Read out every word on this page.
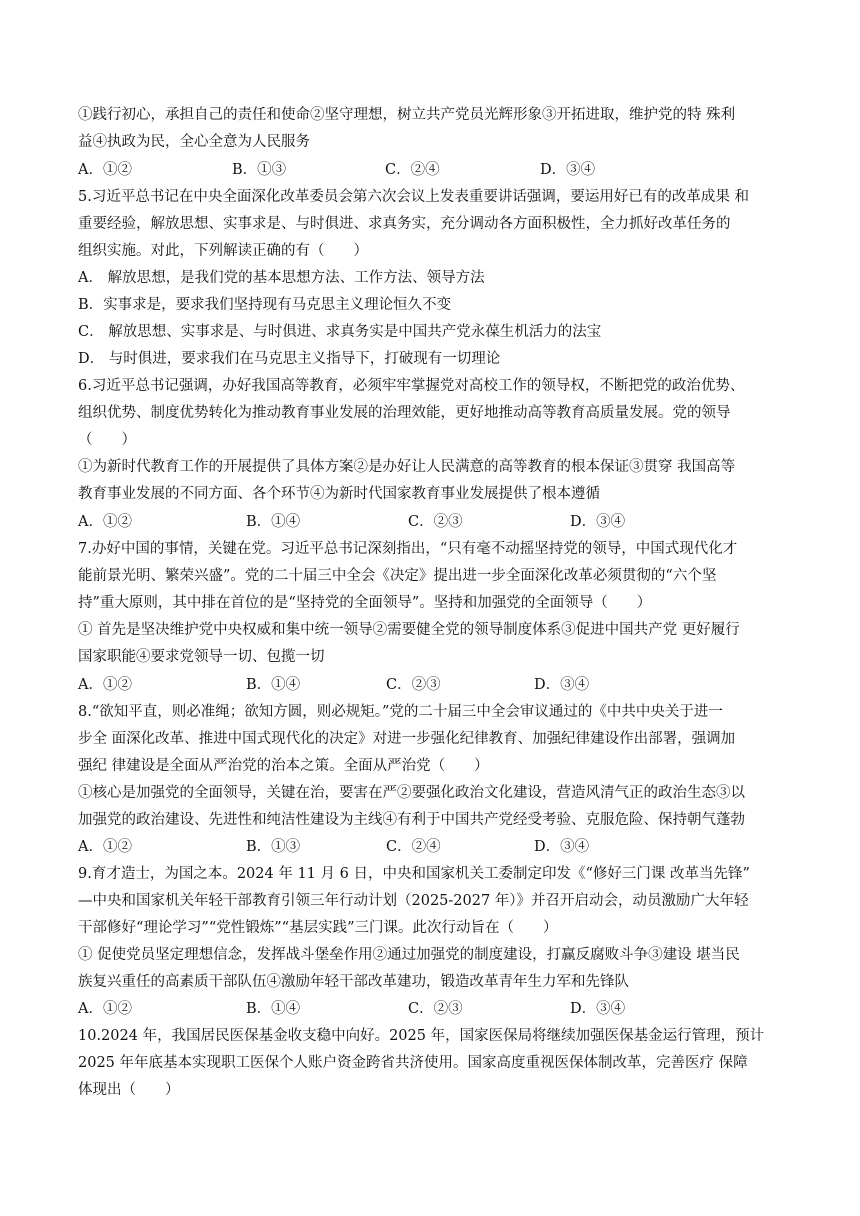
①践行初心，承担自己的责任和使命②坚守理想，树立共产党员光辉形象③开拓进取，维护党的特 殊利
益④执政为民，全心全意为人民服务
A．①②	B．①③	C．②④	D．③④
5.习近平总书记在中央全面深化改革委员会第六次会议上发表重要讲话强调，要运用好已有的改革成果 和
重要经验，解放思想、实事求是、与时俱进、求真务实，充分调动各方面积极性，全力抓好改革任务的
组织实施。对此，下列解读正确的有（　　）
A． 解放思想，是我们党的基本思想方法、工作方法、领导方法
B．实事求是，要求我们坚持现有马克思主义理论恒久不变
C． 解放思想、实事求是、与时俱进、求真务实是中国共产党永葆生机活力的法宝
D． 与时俱进，要求我们在马克思主义指导下，打破现有一切理论
6.习近平总书记强调，办好我国高等教育，必须牢牢掌握党对高校工作的领导权，不断把党的政治优势、
组织优势、制度优势转化为推动教育事业发展的治理效能，更好地推动高等教育高质量发展。党的领导
（　　）
①为新时代教育工作的开展提供了具体方案②是办好让人民满意的高等教育的根本保证③贯穿 我国高等
教育事业发展的不同方面、各个环节④为新时代国家教育事业发展提供了根本遵循
A．①②	B．①④	C．②③	D．③④
7.办好中国的事情，关键在党。习近平总书记深刻指出，“只有毫不动摇坚持党的领导，中国式现代化才
能前景光明、繁荣兴盛”。党的二十届三中全会《决定》提出进一步全面深化改革必须贯彻的“六个坚
持”重大原则，其中排在首位的是“坚持党的全面领导”。坚持和加强党的全面领导（　　）
① 首先是坚决维护党中央权威和集中统一领导②需要健全党的领导制度体系③促进中国共产党 更好履行
国家职能④要求党领导一切、包揽一切
A．①②	B．①④	C．②③	D．③④
8.“欲知平直，则必准绳；欲知方圆，则必规矩。”党的二十届三中全会审议通过的《中共中央关于进一
步全 面深化改革、推进中国式现代化的决定》对进一步强化纪律教育、加强纪律建设作出部署，强调加
强纪 律建设是全面从严治党的治本之策。全面从严治党（　　）
①核心是加强党的全面领导，关键在治，要害在严②要强化政治文化建设，营造风清气正的政治生态③以
加强党的政治建设、先进性和纯洁性建设为主线④有利于中国共产党经受考验、克服危险、保持朝气蓬勃
A．①②	B．①③	C．②④	D．③④
9.育才造士，为国之本。2024 年 11 月 6 日，中央和国家机关工委制定印发《“修好三门课 改革当先锋”
—中央和国家机关年轻干部教育引领三年行动计划（2025-2027 年）》并召开启动会，动员激励广大年轻
干部修好“理论学习”“党性锻炼”“基层实践”三门课。此次行动旨在（　　）
① 促使党员坚定理想信念，发挥战斗堡垒作用②通过加强党的制度建设，打赢反腐败斗争③建设 堪当民
族复兴重任的高素质干部队伍④激励年轻干部改革建功，锻造改革青年生力军和先锋队
A．①②	B．①④	C．②③	D．③④
10.2024 年，我国居民医保基金收支稳中向好。2025 年，国家医保局将继续加强医保基金运行管理，预计
2025 年年底基本实现职工医保个人账户资金跨省共济使用。国家高度重视医保体制改革，完善医疗 保障
体现出（　　）
